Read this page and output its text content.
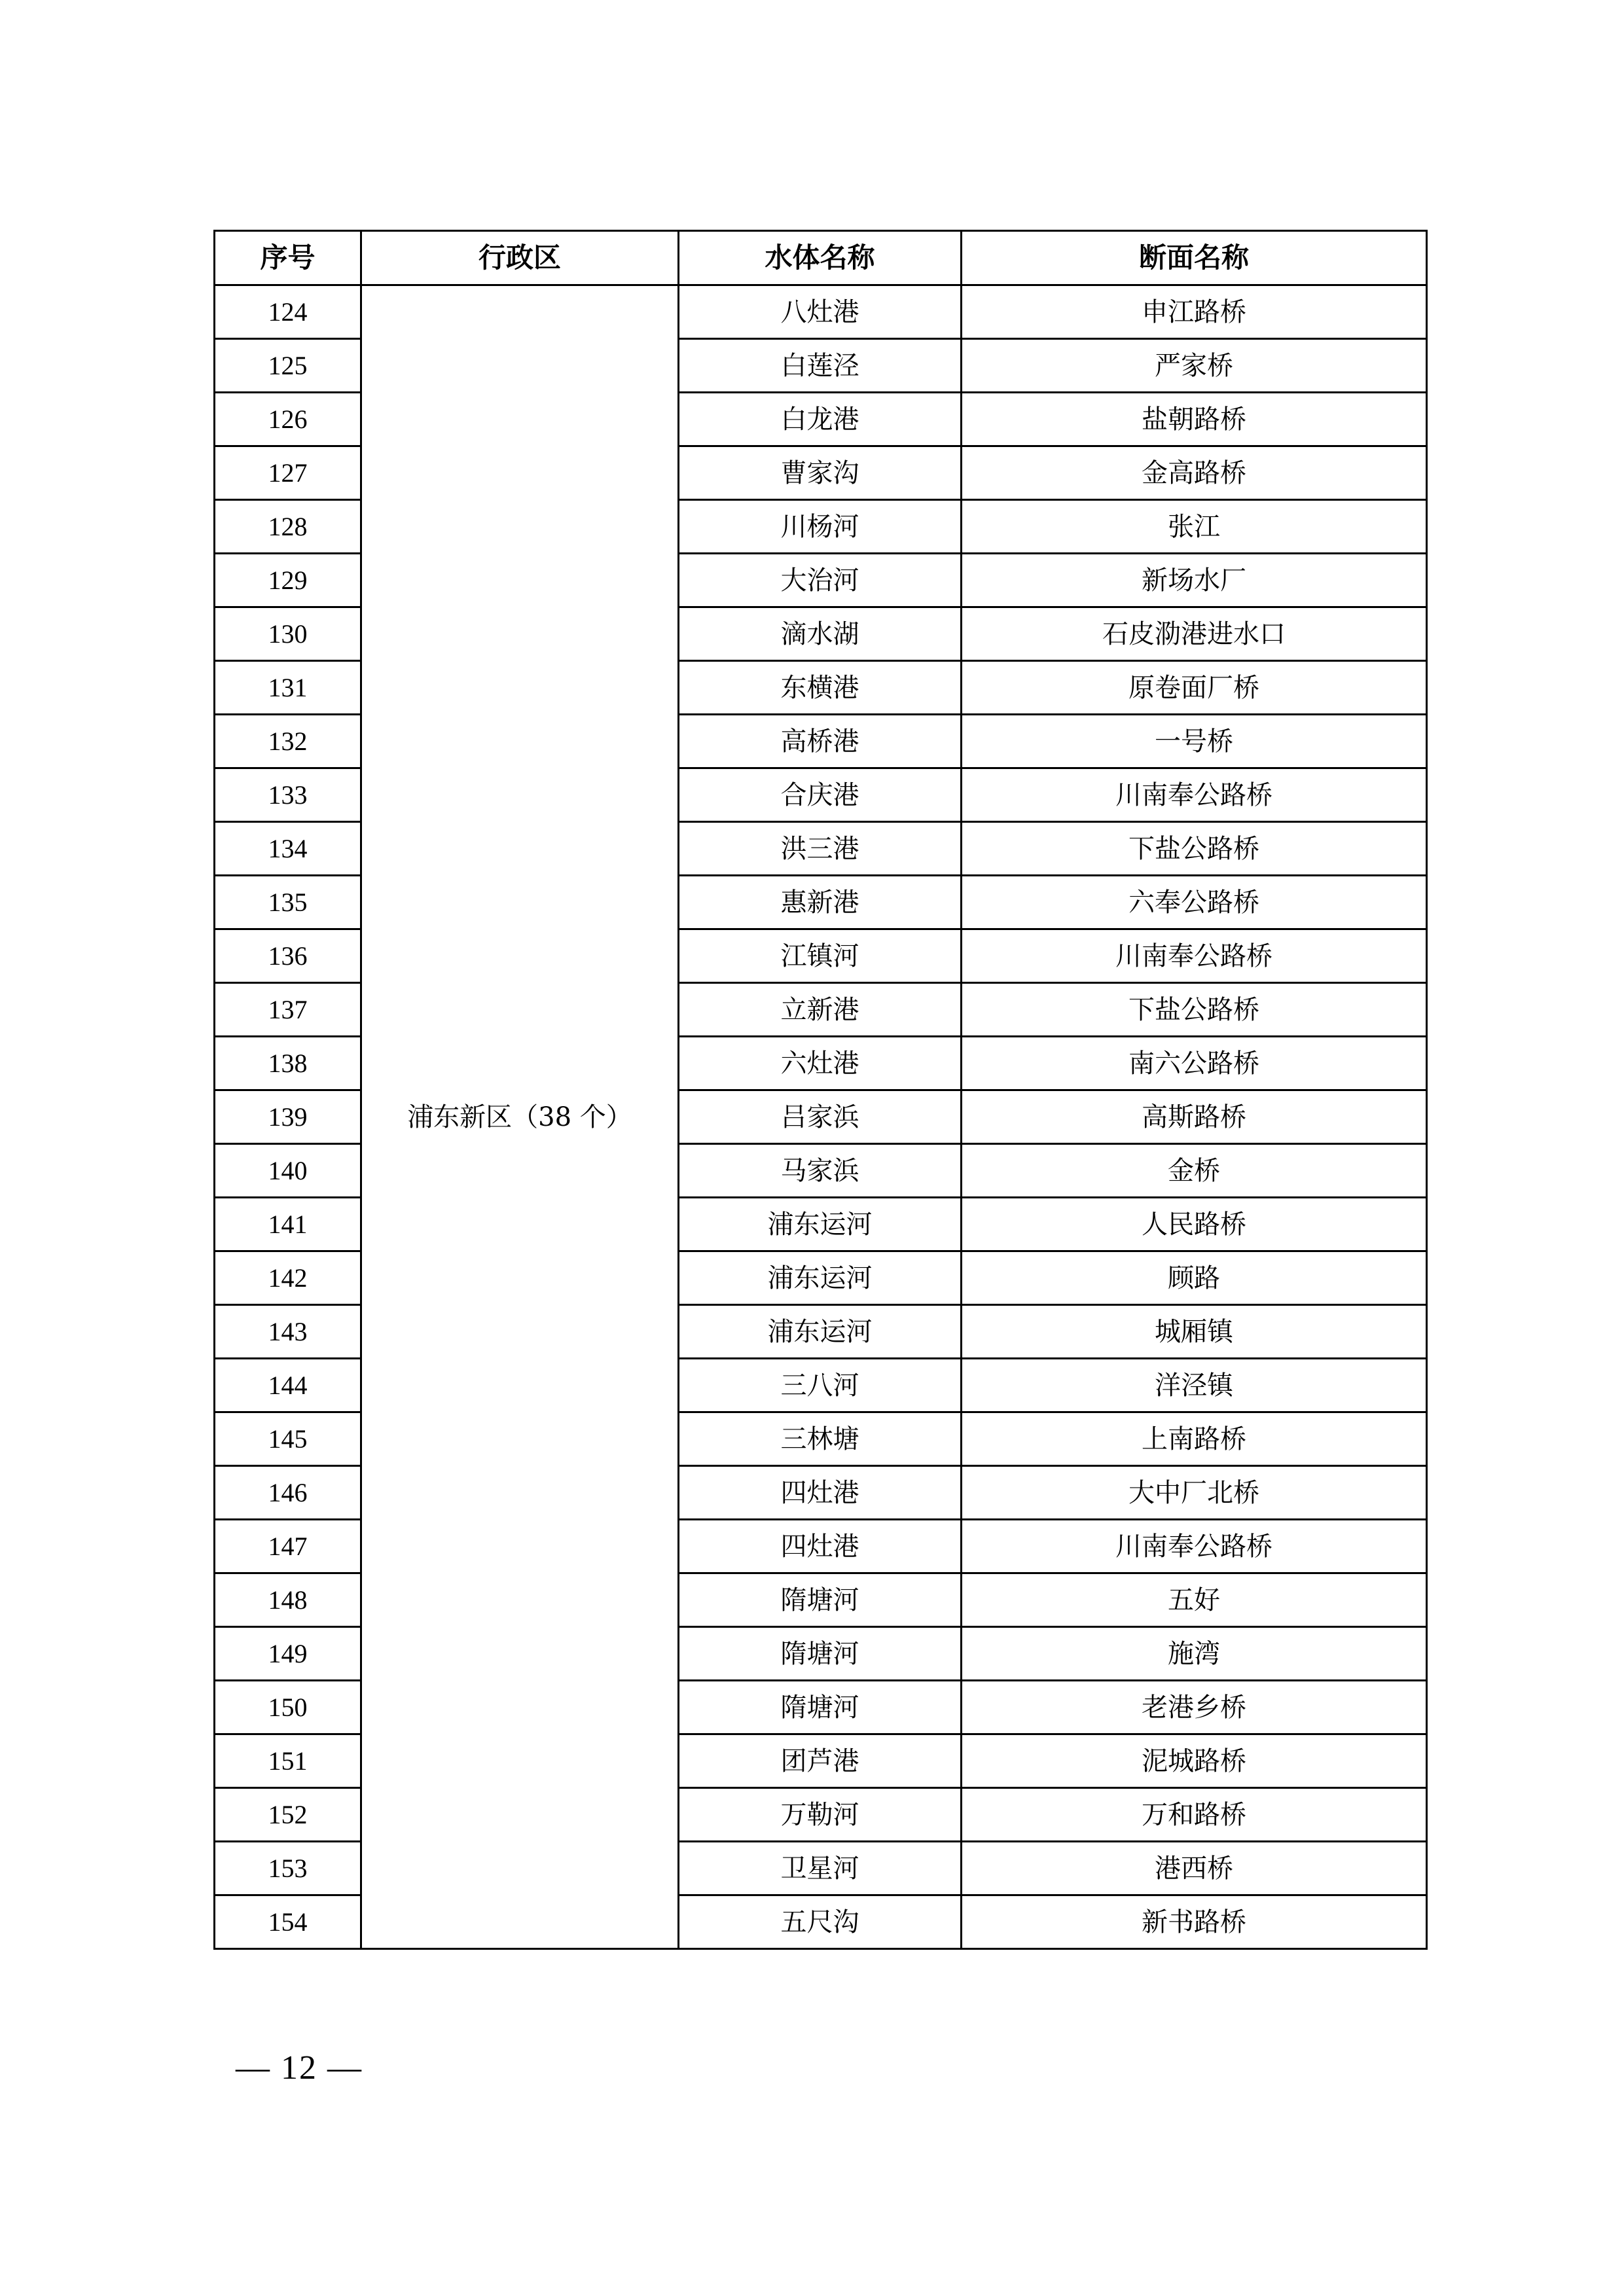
序号	行政区	水体名称	断面名称
124	浦东新区（38 个）	八灶港	申江路桥
125		白莲泾	严家桥
126		白龙港	盐朝路桥
127		曹家沟	金高路桥
128		川杨河	张江
129		大治河	新场水厂
130		滴水湖	石皮泐港进水口
131		东横港	原卷面厂桥
132		高桥港	一号桥
133		合庆港	川南奉公路桥
134		洪三港	下盐公路桥
135		惠新港	六奉公路桥
136		江镇河	川南奉公路桥
137		立新港	下盐公路桥
138		六灶港	南六公路桥
139		吕家浜	高斯路桥
140		马家浜	金桥
141		浦东运河	人民路桥
142		浦东运河	顾路
143		浦东运河	城厢镇
144		三八河	洋泾镇
145		三林塘	上南路桥
146		四灶港	大中厂北桥
147		四灶港	川南奉公路桥
148		隋塘河	五好
149		隋塘河	施湾
150		隋塘河	老港乡桥
151		团芦港	泥城路桥
152		万勒河	万和路桥
153		卫星河	港西桥
154		五尺沟	新书路桥
— 12 —
